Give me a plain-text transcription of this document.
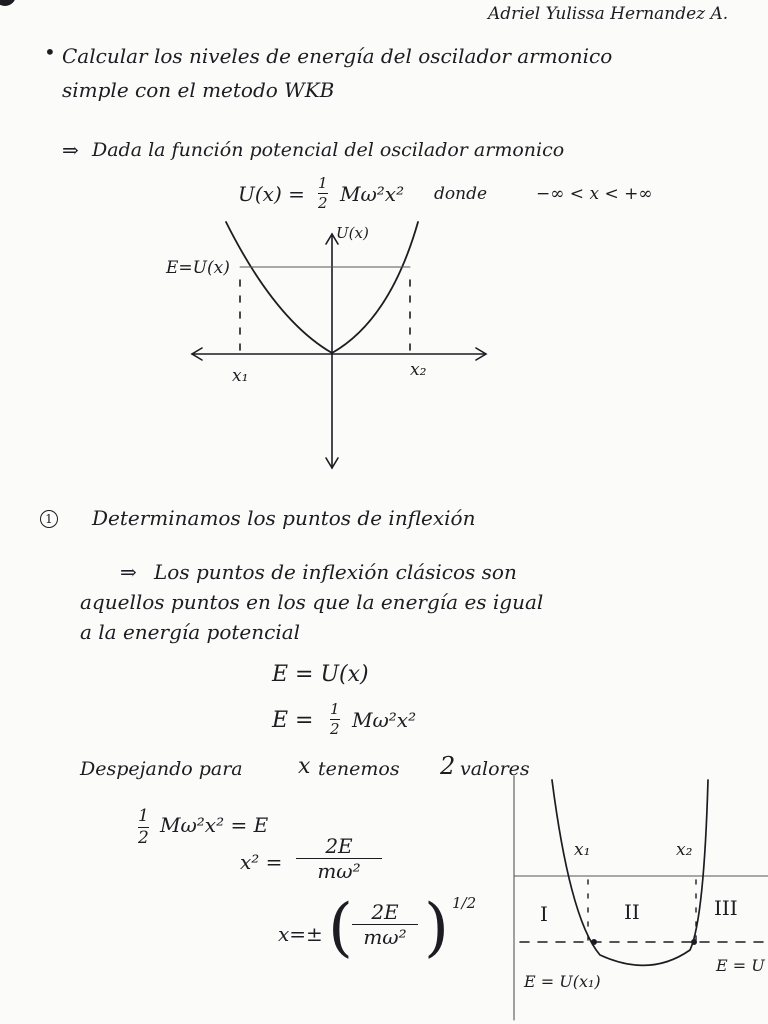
Adriel Yulissa Hernandez A.
• Calcular los niveles de energía del oscilador armonico
simple con el metodo WKB
⇒ Dada la función potencial del oscilador armonico
U(x) = 1
2 Mω²x² donde	−∞ < x < +∞
U(x)
E=U(x)
x₁	x₂
1 Determinamos los puntos de inflexión
⇒ Los puntos de inflexión clásicos son
aquellos puntos en los que la energía es igual
a la energía potencial
E = U(x)
E = 1
2 Mω²x²
Despejando para	x tenemos 2 valores
1
2
Mω²x² = E
x² =
2E
mω²
x=± ( 2E
mω² ) 1/2
x₁	x₂
I	II	III
E = U(x₁)
E = U
